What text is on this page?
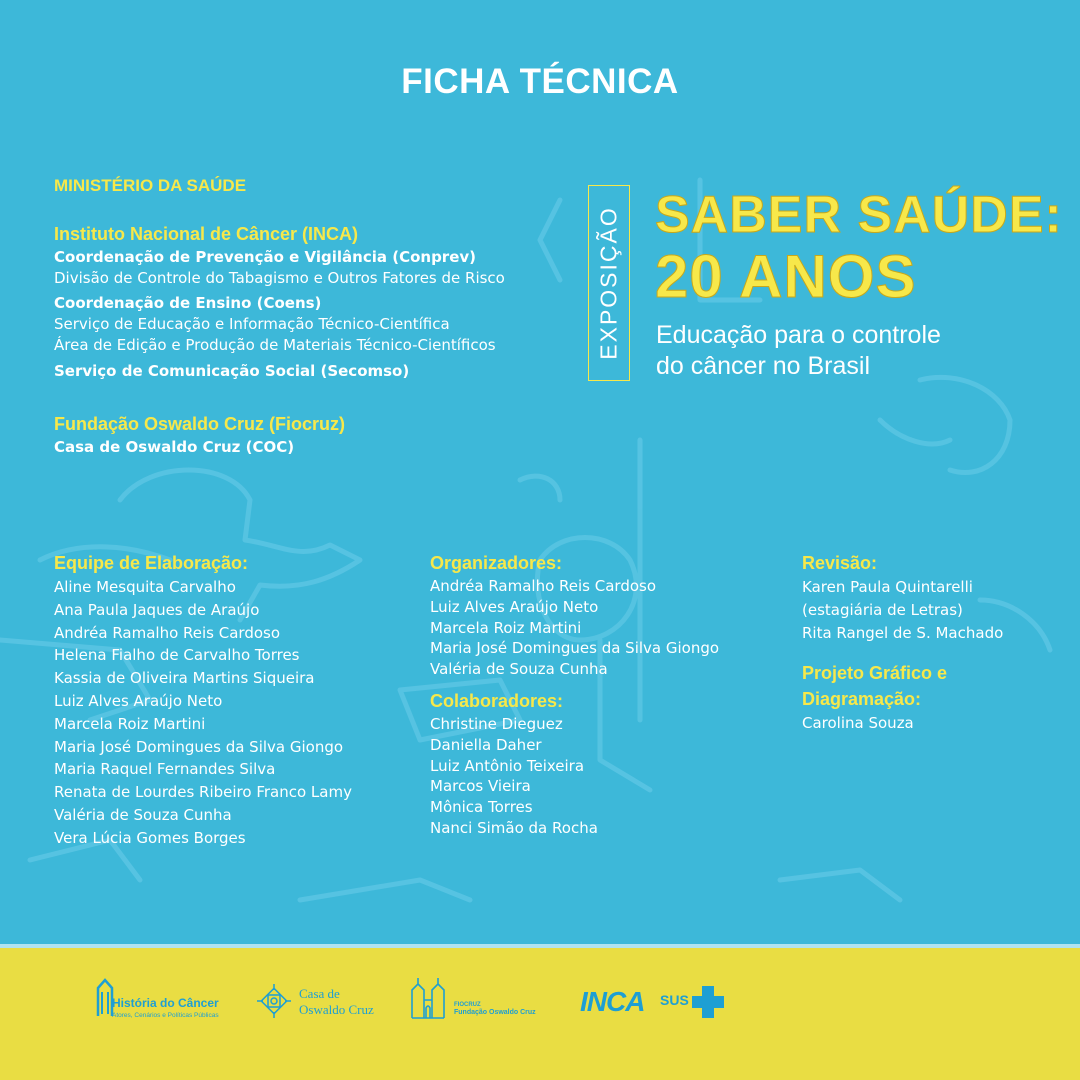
FICHA TÉCNICA
MINISTÉRIO DA SAÚDE
Instituto Nacional de Câncer (INCA)
Coordenação de Prevenção e Vigilância (Conprev)
Divisão de Controle do Tabagismo e Outros Fatores de Risco
Coordenação de Ensino (Coens)
Serviço de Educação e Informação Técnico-Científica
Área de Edição e Produção de Materiais Técnico-Científicos
Serviço de Comunicação Social (Secomso)
Fundação Oswaldo Cruz (Fiocruz)
Casa de Oswaldo Cruz (COC)
EXPOSIÇÃO SABER SAÚDE:
20 ANOS
Educação para o controle
do câncer no Brasil
Equipe de Elaboração:
Aline Mesquita Carvalho
Ana Paula Jaques de Araújo
Andréa Ramalho Reis Cardoso
Helena Fialho de Carvalho Torres
Kassia de Oliveira Martins Siqueira
Luiz Alves Araújo Neto
Marcela Roiz Martini
Maria José Domingues da Silva Giongo
Maria Raquel Fernandes Silva
Renata de Lourdes Ribeiro Franco Lamy
Valéria de Souza Cunha
Vera Lúcia Gomes Borges
Organizadores:
Andréa Ramalho Reis Cardoso
Luiz Alves Araújo Neto
Marcela Roiz Martini
Maria José Domingues da Silva Giongo
Valéria de Souza Cunha
Colaboradores:
Christine Dieguez
Daniella Daher
Luiz Antônio Teixeira
Marcos Vieira
Mônica Torres
Nanci Simão da Rocha
Revisão:
Karen Paula Quintarelli
(estagiária de Letras)
Rita Rangel de S. Machado
Projeto Gráfico e
Diagramação:
Carolina Souza
História do Câncer
Atores, Cenários e Políticas Públicas
Casa de
Oswaldo Cruz	FIOCRUZ
Fundação Oswaldo Cruz INCA SUS
